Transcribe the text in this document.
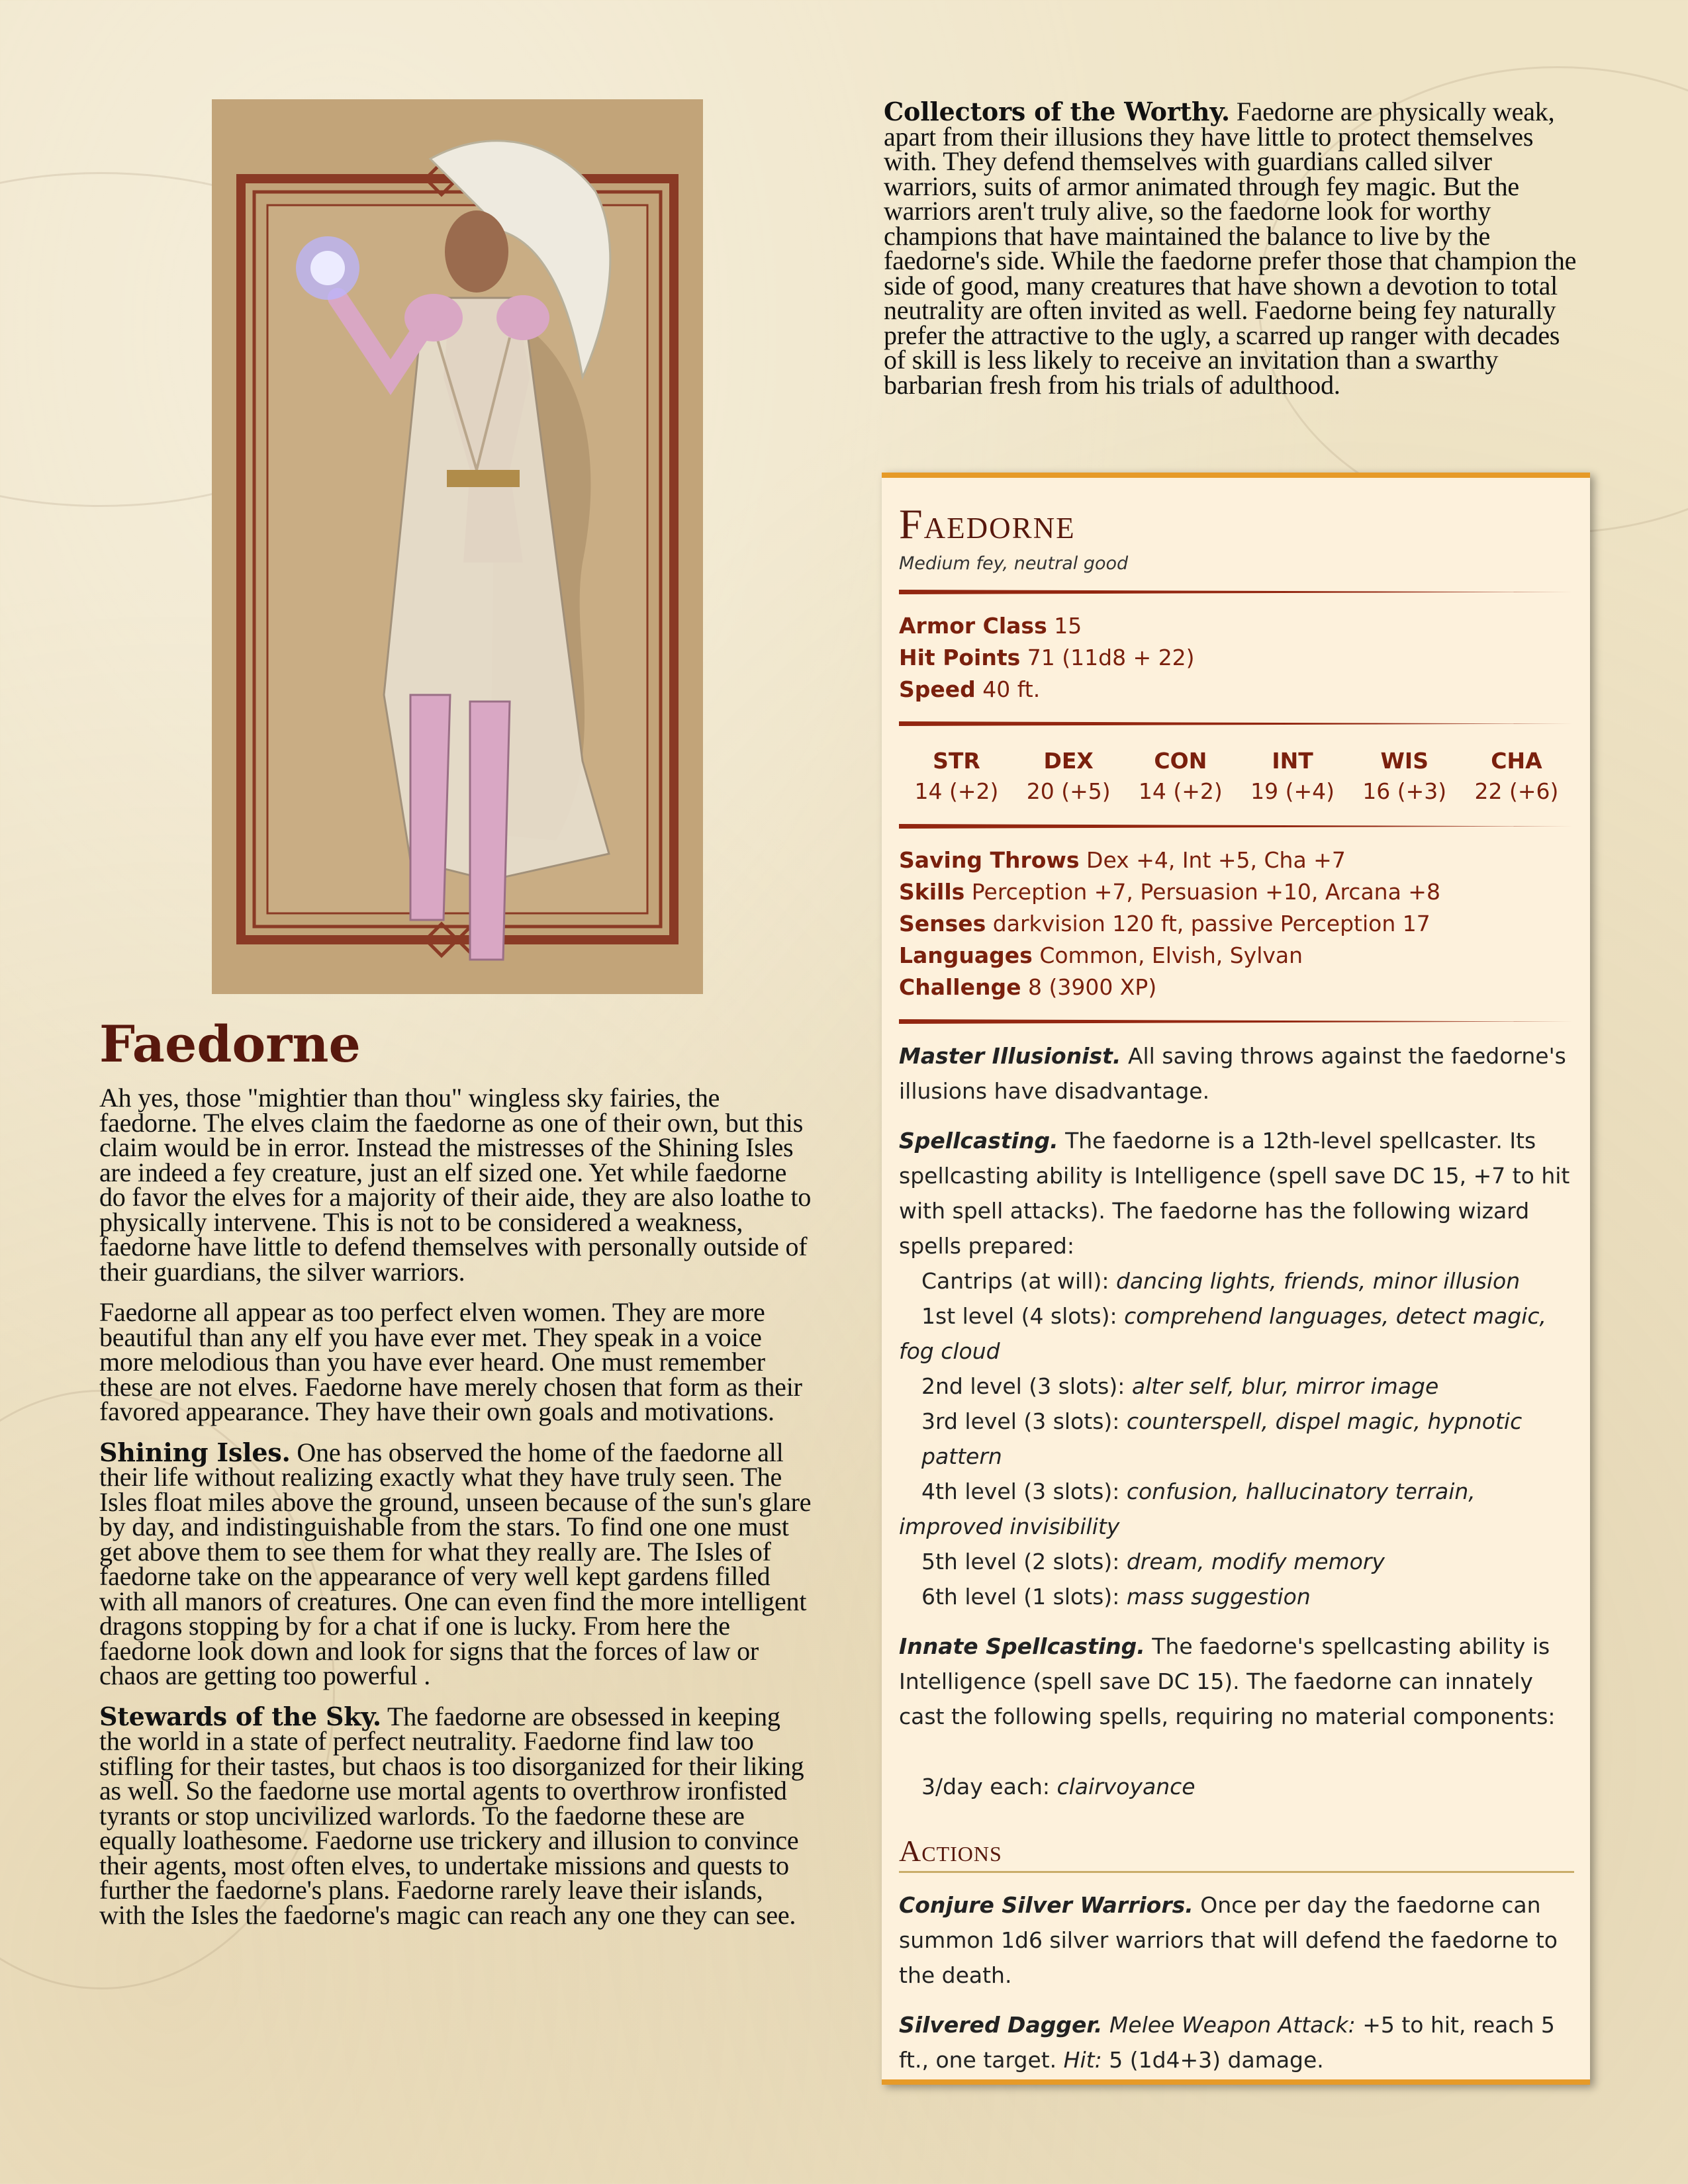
Faedorne

Ah yes, those "mightier than thou" wingless sky fairies, the faedorne. The elves claim the faedorne as one of their own, but this claim would be in error. Instead the mistresses of the Shining Isles are indeed a fey creature, just an elf sized one. Yet while faedorne do favor the elves for a majority of their aide, they are also loathe to physically intervene. This is not to be considered a weakness, faedorne have little to defend themselves with personally outside of their guardians, the silver warriors.

Faedorne all appear as too perfect elven women. They are more beautiful than any elf you have ever met. They speak in a voice more melodious than you have ever heard. One must remember these are not elves. Faedorne have merely chosen that form as their favored appearance. They have their own goals and motivations.

Shining Isles. One has observed the home of the faedorne all their life without realizing exactly what they have truly seen. The Isles float miles above the ground, unseen because of the sun's glare by day, and indistinguishable from the stars. To find one one must get above them to see them for what they really are. The Isles of faedorne take on the appearance of very well kept gardens filled with all manors of creatures. One can even find the more intelligent dragons stopping by for a chat if one is lucky. From here the faedorne look down and look for signs that the forces of law or chaos are getting too powerful .

Stewards of the Sky. The faedorne are obsessed in keeping the world in a state of perfect neutrality. Faedorne find law too stifling for their tastes, but chaos is too disorganized for their liking as well. So the faedorne use mortal agents to overthrow ironfisted tyrants or stop uncivilized warlords. To the faedorne these are equally loathesome. Faedorne use trickery and illusion to convince their agents, most often elves, to undertake missions and quests to further the faedorne's plans. Faedorne rarely leave their islands, with the Isles the faedorne's magic can reach any one they can see.

Collectors of the Worthy. Faedorne are physically weak, apart from their illusions they have little to protect themselves with. They defend themselves with guardians called silver warriors, suits of armor animated through fey magic. But the warriors aren't truly alive, so the faedorne look for worthy champions that have maintained the balance to live by the faedorne's side. While the faedorne prefer those that champion the side of good, many creatures that have shown a devotion to total neutrality are often invited as well. Faedorne being fey naturally prefer the attractive to the ugly, a scarred up ranger with decades of skill is less likely to receive an invitation than a swarthy barbarian fresh from his trials of adulthood.

Faedorne
Medium fey, neutral good
Armor Class 15
Hit Points 71 (11d8 + 22)
Speed 40 ft.
STR
14 (+2)
DEX
20 (+5)
CON
14 (+2)
INT
19 (+4)
WIS
16 (+3)
CHA
22 (+6)
Saving Throws Dex +4, Int +5, Cha +7
Skills Perception +7, Persuasion +10, Arcana +8
Senses darkvision 120 ft, passive Perception 17
Languages Common, Elvish, Sylvan
Challenge 8 (3900 XP)

Master Illusionist. All saving throws against the faedorne's illusions have disadvantage.

Spellcasting. The faedorne is a 12th-level spellcaster. Its spellcasting ability is Intelligence (spell save DC 15, +7 to hit with spell attacks). The faedorne has the following wizard spells prepared:

Cantrips (at will): dancing lights, friends, minor illusion
1st level (4 slots): comprehend languages, detect magic, fog cloud
2nd level (3 slots): alter self, blur, mirror image
3rd level (3 slots): counterspell, dispel magic, hypnotic pattern
4th level (3 slots): confusion, hallucinatory terrain, improved invisibility
5th level (2 slots): dream, modify memory
6th level (1 slots): mass suggestion

Innate Spellcasting. The faedorne's spellcasting ability is Intelligence (spell save DC 15). The faedorne can innately cast the following spells, requiring no material components:

3/day each: clairvoyance
Actions

Conjure Silver Warriors. Once per day the faedorne can summon 1d6 silver warriors that will defend the faedorne to the death.

Silvered Dagger. Melee Weapon Attack: +5 to hit, reach 5 ft., one target. Hit: 5 (1d4+3) damage.
